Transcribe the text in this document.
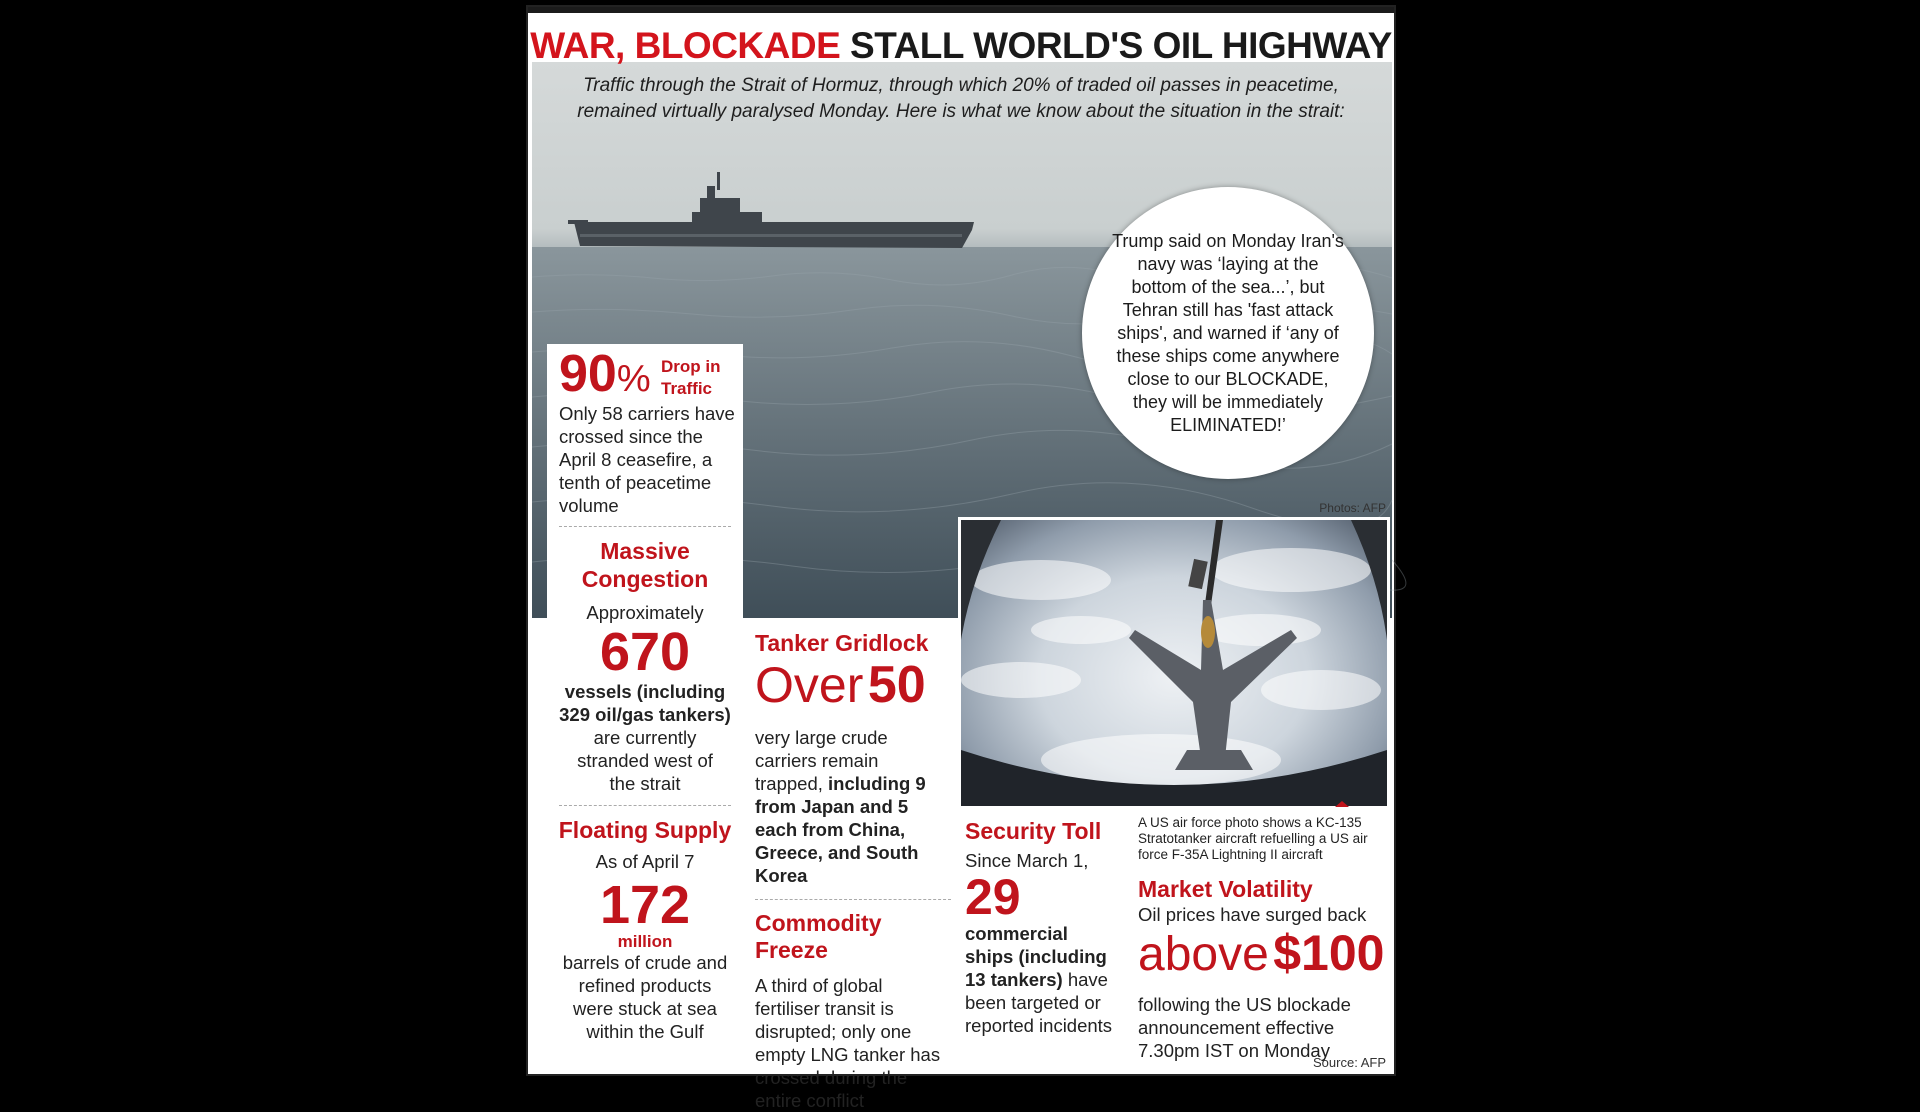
WAR, BLOCKADE STALL WORLD'S OIL HIGHWAY
Traffic through the Strait of Hormuz, through which 20% of traded oil passes in peacetime,
remained virtually paralysed Monday. Here is what we know about the situation in the strait:
Trump said on Monday Iran's navy was ‘laying at the bottom of the sea...’, but Tehran still has 'fast attack ships', and warned if ‘any of these ships come anywhere close to our BLOCKADE, they will be immediately ELIMINATED!’
Photos: AFP
90% Drop in
Traffic
Only 58 carriers have crossed since the April 8 ceasefire, a tenth of peacetime volume
Massive
Congestion
Approximately
670
vessels (including 329 oil/gas tankers)
are currently stranded west of the strait
Floating Supply
As of April 7
172
million
barrels of crude and refined products were stuck at sea within the Gulf
Tanker Gridlock
Over 50
very large crude carriers remain trapped, including 9 from Japan and 5 each from China, Greece, and South Korea
Commodity
Freeze
A third of global fertiliser transit is disrupted; only one empty LNG tanker has crossed during the entire conflict
Security Toll
Since March 1,
29
commercial ships (including 13 tankers) have been targeted or reported incidents
A US air force photo shows a KC-135 Stratotanker aircraft refuelling a US air force F-35A Lightning II aircraft
Market Volatility
Oil prices have surged back
above $100
following the US blockade announcement effective 7.30pm IST on Monday
Source: AFP
